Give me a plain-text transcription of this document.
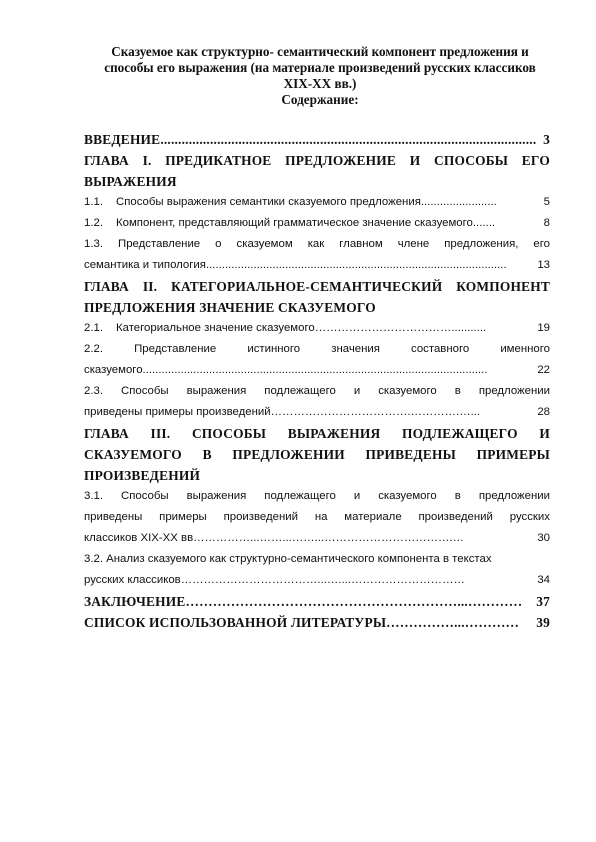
Сказуемое как структурно- семантический компонент предложения и
способы его выражения (на материале произведений русских классиков
XIX-XX вв.)
Содержание:
ВВЕДЕНИЕ .......................................................................................................... 3
ГЛАВА I. ПРЕДИКАТНОЕ ПРЕДЛОЖЕНИЕ И СПОСОБЫ ЕГО
ВЫРАЖЕНИЯ
1.1.	Способы выражения семантики сказуемого предложения ........................	5
1.2.	Компонент, представляющий грамматическое значение сказуемого .......	8
1.3. Представление о сказуемом как главном члене предложения, его
семантика и типология ...............................................................................................	13
ГЛАВА II. КАТЕГОРИАЛЬНОЕ-СЕМАНТИЧЕСКИЙ КОМПОНЕНТ
ПРЕДЛОЖЕНИЯ ЗНАЧЕНИЕ СКАЗУЕМОГО
2.1.	Категориальное значение сказуемого ………………………………...........	19
2.2.	Представление	истинного	значения	составного	именного
сказуемого .............................................................................................................	22
2.3. Способы выражения подлежащего и сказуемого в предложении
приведены примеры произведений ……………………………….………….…...	28
ГЛАВА III. СПОСОБЫ ВЫРАЖЕНИЯ ПОДЛЕЖАЩЕГО И
СКАЗУЕМОГО В ПРЕДЛОЖЕНИИ ПРИВЕДЕНЫ ПРИМЕРЫ
ПРОИЗВЕДЕНИЙ
3.1. Способы выражения подлежащего и сказуемого в предложении
приведены примеры произведений на материале произведений русских
классиков XIX-XX вв ……………...……...……...…………………………….…	30
3.2. Анализ сказуемого как структурно-семантического компонента в текстах
русских классиков ………………………………...…....…………………………	34
ЗАКЛЮЧЕНИЕ ……………………………………………………...…………	37
СПИСОК ИСПОЛЬЗОВАННОЙ ЛИТЕРАТУРЫ ……………...…………	39
